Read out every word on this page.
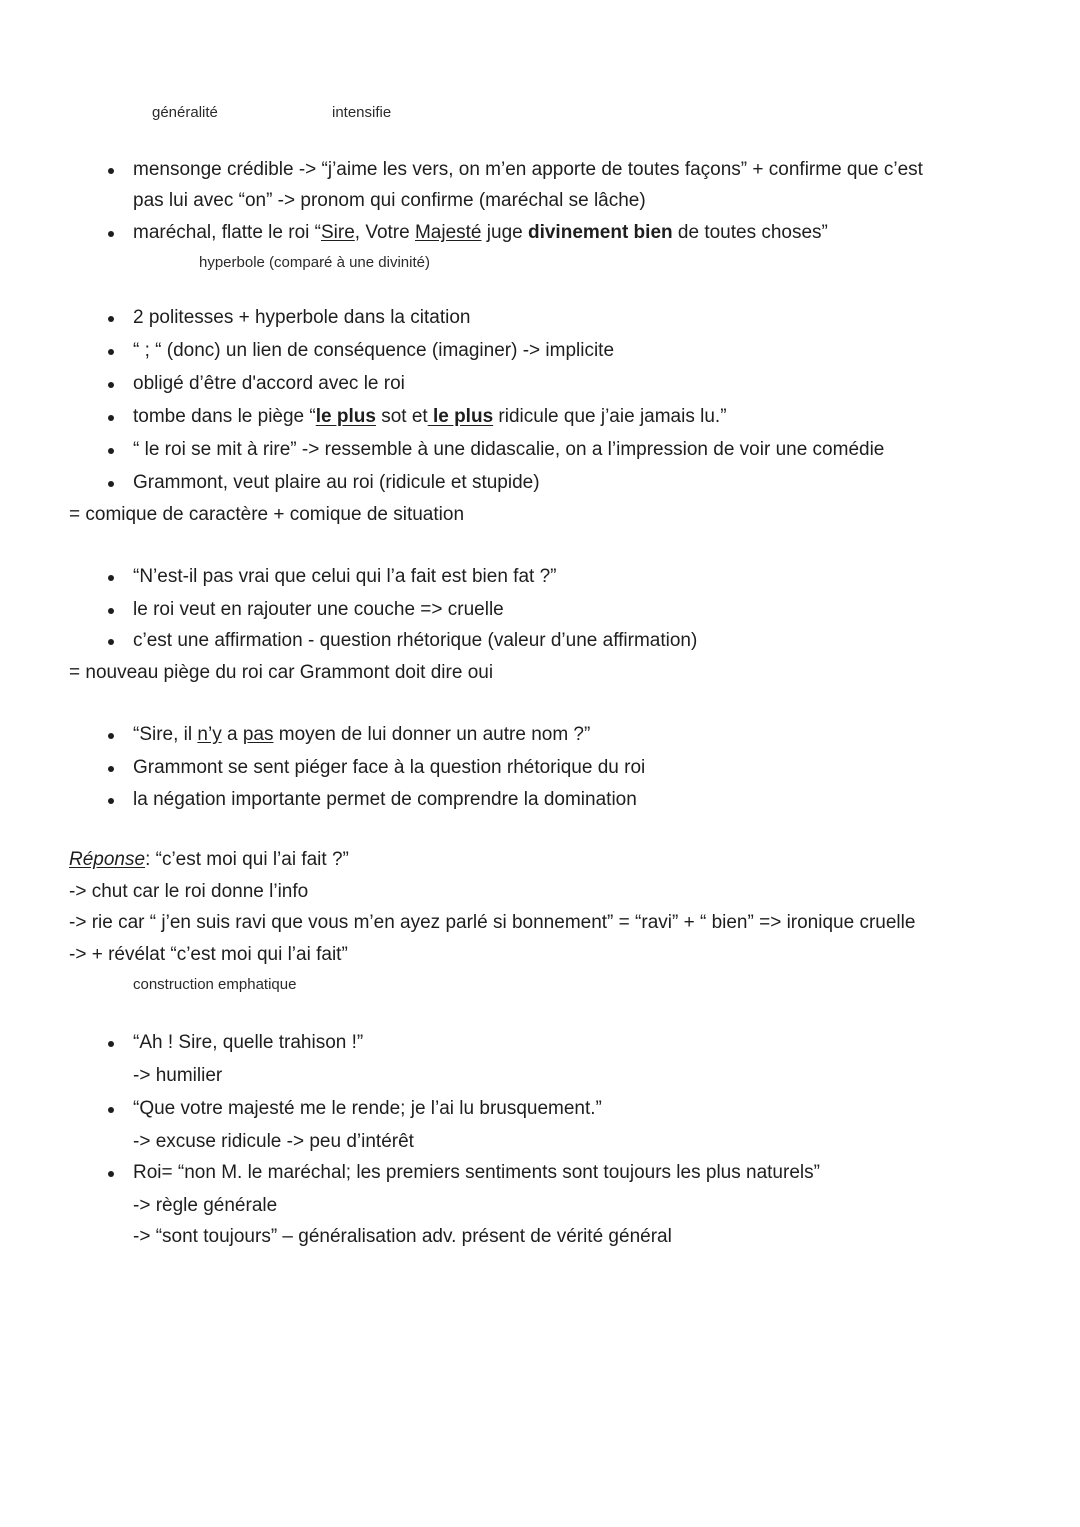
généralité	intensifie
mensonge crédible -> “j’aime les vers, on m’en apporte de toutes façons” + confirme que c’est
pas lui avec “on” -> pronom qui confirme (maréchal se lâche)
maréchal, flatte le roi “Sire, Votre Majesté juge divinement bien de toutes choses”
hyperbole (comparé à une divinité)
2 politesses + hyperbole dans la citation
“ ; “ (donc) un lien de conséquence (imaginer) -> implicite
obligé d’être d'accord avec le roi
tombe dans le piège “le plus sot et le plus ridicule que j’aie jamais lu.”
“ le roi se mit à rire” -> ressemble à une didascalie, on a l’impression de voir une comédie
Grammont, veut plaire au roi (ridicule et stupide)
= comique de caractère + comique de situation
“N’est-il pas vrai que celui qui l’a fait est bien fat ?”
le roi veut en rajouter une couche => cruelle
c’est une affirmation - question rhétorique (valeur d’une affirmation)
= nouveau piège du roi car Grammont doit dire oui
“Sire, il n’y a pas moyen de lui donner un autre nom ?”
Grammont se sent piéger face à la question rhétorique du roi
la négation importante permet de comprendre la domination
Réponse: “c’est moi qui l’ai fait ?”
-> chut car le roi donne l’info
-> rie car “ j’en suis ravi que vous m’en ayez parlé si bonnement” = “ravi” + “ bien” => ironique cruelle
-> + révélat “c’est moi qui l’ai fait”
construction emphatique
“Ah ! Sire, quelle trahison !”
-> humilier
“Que votre majesté me le rende; je l’ai lu brusquement.”
-> excuse ridicule -> peu d’intérêt
Roi= “non M. le maréchal; les premiers sentiments sont toujours les plus naturels”
-> règle générale
-> “sont toujours” – généralisation adv. présent de vérité général
